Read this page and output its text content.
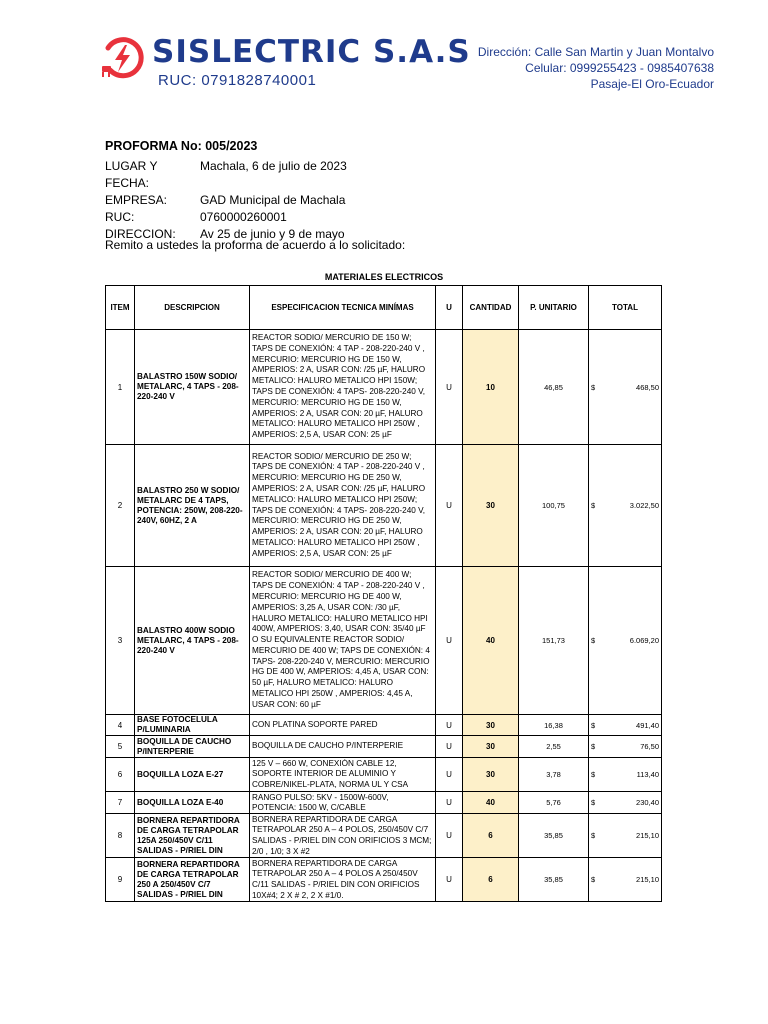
SISLECTRIC S.A.S
RUC: 0791828740001
Dirección: Calle San Martin y Juan Montalvo
Celular: 0999255423 - 0985407638
Pasaje-El Oro-Ecuador
PROFORMA No: 005/2023
LUGAR Y FECHA:
Machala, 6 de julio de 2023
EMPRESA:	GAD Municipal de Machala
RUC:	0760000260001
DIRECCION:	Av 25 de junio y 9 de mayo
Remito a ustedes la proforma de acuerdo a lo solicitado:
MATERIALES ELECTRICOS
ITEM	DESCRIPCION	ESPECIFICACION TECNICA MINÍMAS	U	CANTIDAD	P. UNITARIO	TOTAL
1	BALASTRO 150W SODIO/ METALARC, 4 TAPS - 208-220-240 V	REACTOR SODIO/ MERCURIO DE 150 W; TAPS DE CONEXIÓN: 4 TAP - 208-220-240 V , MERCURIO: MERCURIO HG DE 150 W, AMPERIOS: 2 A, USAR CON: /25 µF, HALURO METALICO: HALURO METALICO HPI 150W; TAPS DE CONEXIÓN: 4 TAPS- 208-220-240 V, MERCURIO: MERCURIO HG DE 150 W, AMPERIOS: 2 A, USAR CON: 20 µF, HALURO METALICO: HALURO METALICO HPI 250W , AMPERIOS: 2,5 A, USAR CON: 25 µF	U	10	46,85	$ 468,50

2	BALASTRO 250 W SODIO/ METALARC DE 4 TAPS, POTENCIA: 250W, 208-220-240V, 60HZ, 2 A	REACTOR SODIO/ MERCURIO DE 250 W; TAPS DE CONEXIÓN: 4 TAP - 208-220-240 V , MERCURIO: MERCURIO HG DE 250 W, AMPERIOS: 2 A, USAR CON: /25 µF, HALURO METALICO: HALURO METALICO HPI 250W; TAPS DE CONEXIÓN: 4 TAPS- 208-220-240 V, MERCURIO: MERCURIO HG DE 250 W, AMPERIOS: 2 A, USAR CON: 20 µF, HALURO METALICO: HALURO METALICO HPI 250W , AMPERIOS: 2,5 A, USAR CON: 25 µF	U	30	100,75	$ 3.022,50

3	BALASTRO 400W SODIO METALARC, 4 TAPS - 208-220-240 V	REACTOR SODIO/ MERCURIO DE 400 W; TAPS DE CONEXIÓN: 4 TAP - 208-220-240 V , MERCURIO: MERCURIO HG DE 400 W, AMPERIOS: 3,25 A, USAR CON: /30 µF, HALURO METALICO: HALURO METALICO HPI 400W, AMPERIOS: 3,40, USAR CON: 35/40 µF O SU EQUIVALENTE REACTOR SODIO/ MERCURIO DE 400 W; TAPS DE CONEXIÓN: 4 TAPS- 208-220-240 V, MERCURIO: MERCURIO HG DE 400 W, AMPERIOS: 4,45 A, USAR CON: 50 µF, HALURO METALICO: HALURO METALICO HPI 250W , AMPERIOS: 4,45 A, USAR CON: 60 µF	U	40	151,73	$ 6.069,20

4	BASE FOTOCELULA P/LUMINARIA	CON PLATINA SOPORTE PARED	U	30	16,38	$ 491,40

5	BOQUILLA DE CAUCHO P/INTERPERIE	BOQUILLA DE CAUCHO P/INTERPERIE	U	30	2,55	$ 76,50

6	BOQUILLA LOZA E-27	125 V – 660 W, CONEXIÓN CABLE 12, SOPORTE INTERIOR DE ALUMINIO Y COBRE/NIKEL-PLATA, NORMA UL Y CSA	U	30	3,78	$ 113,40

7	BOQUILLA LOZA E-40	RANGO PULSO: 5KV - 1500W-600V, POTENCIA: 1500 W, C/CABLE	U	40	5,76	$ 230,40

8	BORNERA REPARTIDORA DE CARGA TETRAPOLAR 125A 250/450V C/11 SALIDAS - P/RIEL DIN	BORNERA REPARTIDORA DE CARGA TETRAPOLAR 250 A – 4 POLOS, 250/450V C/7 SALIDAS - P/RIEL DIN CON ORIFICIOS 3 MCM; 2/0 , 1/0; 3 X #2	U	6	35,85	$ 215,10

9	BORNERA REPARTIDORA DE CARGA TETRAPOLAR 250 A 250/450V C/7 SALIDAS - P/RIEL DIN	BORNERA REPARTIDORA DE CARGA TETRAPOLAR 250 A – 4 POLOS A 250/450V C/11 SALIDAS - P/RIEL DIN CON ORIFICIOS 10X#4; 2 X # 2, 2 X #1/0.	U	6	35,85	$ 215,10
